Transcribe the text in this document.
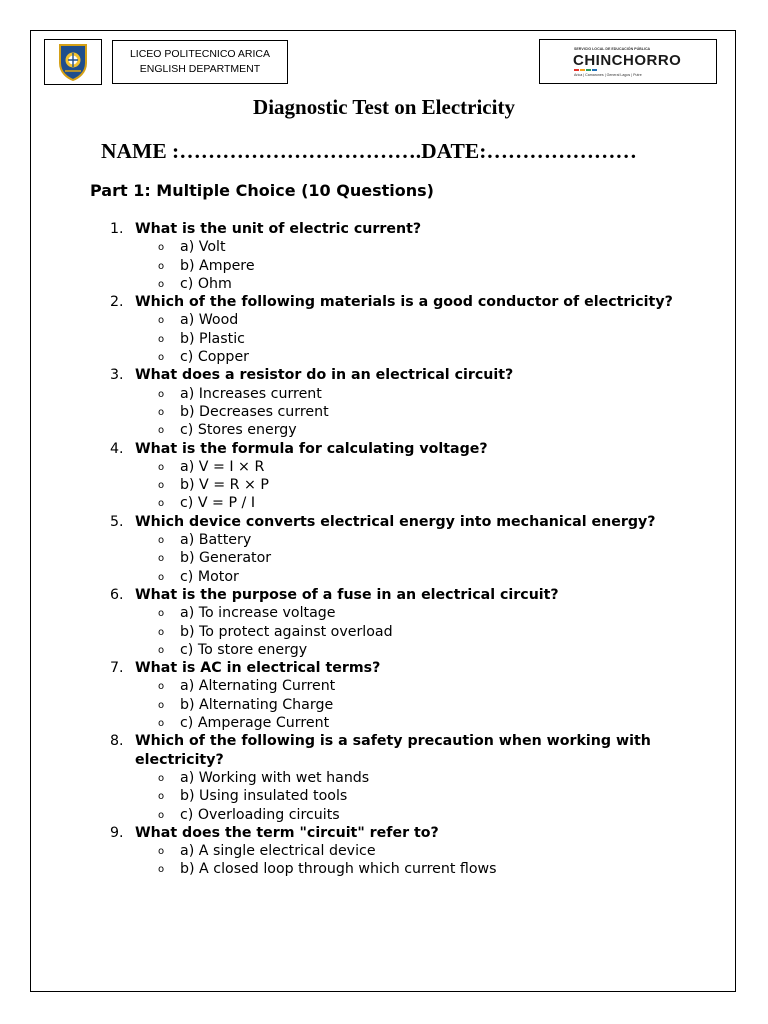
LICEO POLITECNICO ARICA
ENGLISH DEPARTMENT
SERVICIO LOCAL DE EDUCACIÓN PÚBLICA
CHINCHORRO
Arica | Camarones | General Lagos | Putre
Diagnostic Test on Electricity
NAME :…………………………….DATE:…………………
Part 1: Multiple Choice (10 Questions)
1. What is the unit of electric current?
o a) Volt
o b) Ampere
o c) Ohm
2. Which of the following materials is a good conductor of electricity?
o a) Wood
o b) Plastic
o c) Copper
3. What does a resistor do in an electrical circuit?
o a) Increases current
o b) Decreases current
o c) Stores energy
4. What is the formula for calculating voltage?
o a) V = I × R
o b) V = R × P
o c) V = P / I
5. Which device converts electrical energy into mechanical energy?
o a) Battery
o b) Generator
o c) Motor
6. What is the purpose of a fuse in an electrical circuit?
o a) To increase voltage
o b) To protect against overload
o c) To store energy
7. What is AC in electrical terms?
o a) Alternating Current
o b) Alternating Charge
o c) Amperage Current
8. Which of the following is a safety precaution when working with electricity?
o a) Working with wet hands
o b) Using insulated tools
o c) Overloading circuits
9. What does the term "circuit" refer to?
o a) A single electrical device
o b) A closed loop through which current flows
